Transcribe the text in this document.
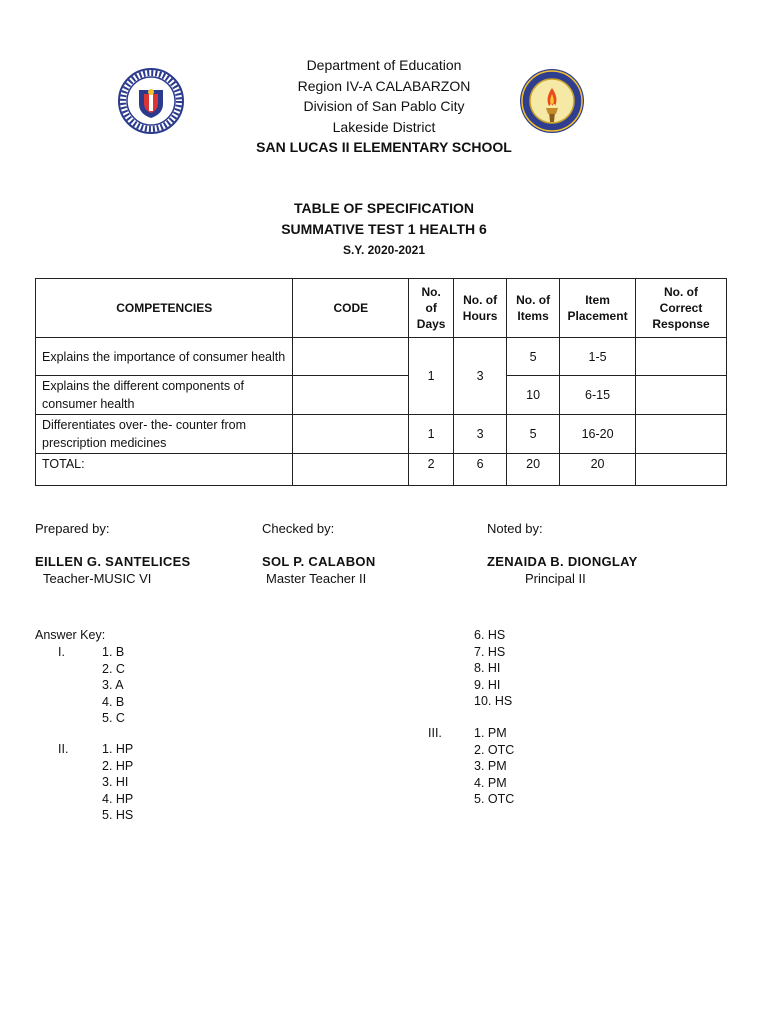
Department of Education
Region IV-A CALABARZON
Division of San Pablo City
Lakeside District
SAN LUCAS II ELEMENTARY SCHOOL
TABLE OF SPECIFICATION
SUMMATIVE TEST 1 HEALTH 6
S.Y. 2020-2021
COMPETENCIES	CODE	No. of Days	No. of Hours	No. of Items	Item Placement	No. of Correct Response
Explains the importance of consumer health		1	3	5	1-5	
Explains the different components of consumer health				10	6-15	
Differentiates over- the- counter from prescription medicines		1	3	5	16-20	
TOTAL:		2	6	20	20	
Prepared by:
EILLEN G. SANTELICES
Teacher-MUSIC VI
Checked by:
SOL P. CALABON
Master Teacher II
Noted by:
ZENAIDA B. DIONGLAY
Principal II
Answer Key:
I.	1. B
2. C
3. A
4. B
5. C
II.	1. HP
2. HP
3. HI
4. HP
5. HS
6. HS
7. HS
8. HI
9. HI
10. HS
III.	1. PM
2. OTC
3. PM
4. PM
5. OTC
